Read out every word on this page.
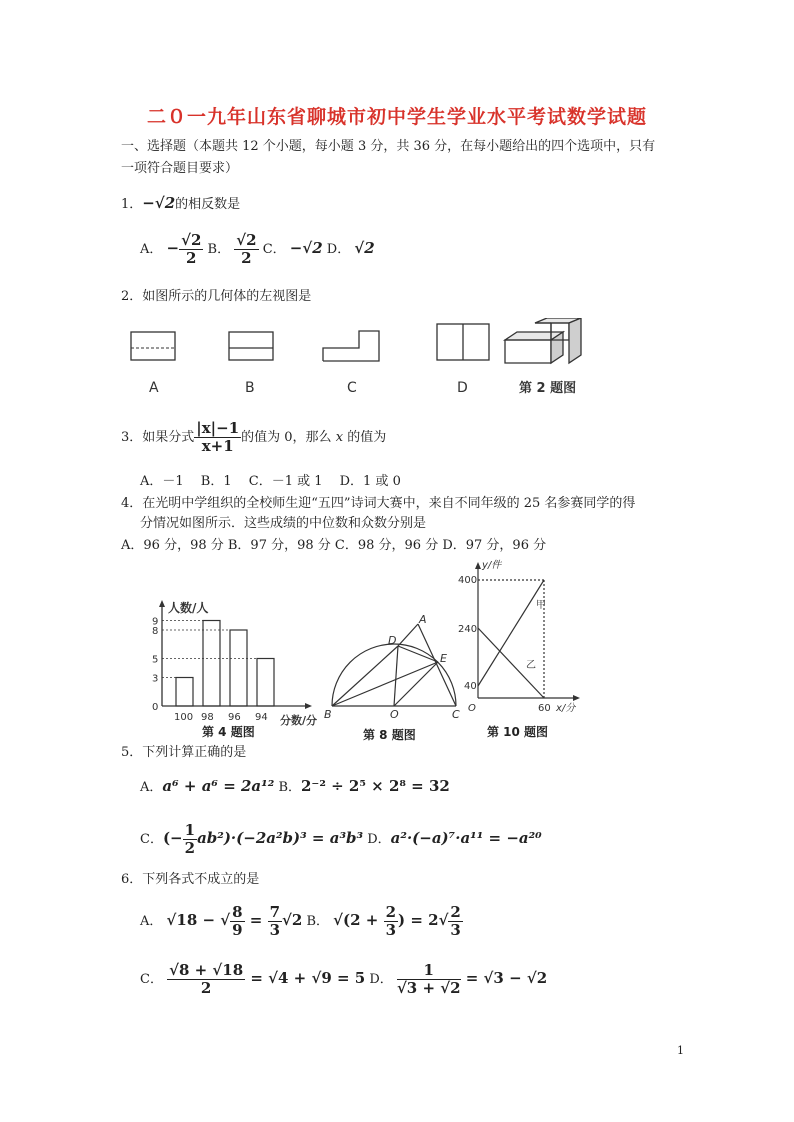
二０一九年山东省聊城市初中学生学业水平考试数学试题
一、选择题（本题共 12 个小题，每小题 3 分，共 36 分，在每小题给出的四个选项中，只有
一项符合题目要求）
1．−√2的相反数是
A． − $\frac{√2}{2}$ B． $\frac{√2}{2}$ C． −√2 D． √2
2．如图所示的几何体的左视图是
A	B	C	D	第 2 题图
3．如果分式 $\frac{|x|-1}{x+1}$ 的值为 0，那么 x 的值为
A．－1　 B．1　 C．－1 或 1　 D．1 或 0
4．在光明中学组织的全校师生迎“五四”诗词大赛中，来自不同年级的 25 名参赛同学的得
分情况如图所示．这些成绩的中位数和众数分别是
A．96 分，98 分 B．97 分，98 分 C．98 分，96 分 D．97 分，96 分
人数/人
分数/分
0
3
5
8
9
100 98 96 94
第 4 题图
A
D
E
B	O	C
第 8 题图
y/件
400
240
40
O	60 x/分
甲
乙
第 10 题图
5．下列计算正确的是
A．a⁶ + a⁶ = 2a¹² B．2⁻² ÷ 2⁵ × 2⁸ = 32
C．(− $\frac{1}{2} ab^2)\cdot(-2a^2b)^3 = a^3b^3$ D．a²·(−a)⁷·a¹¹ = −a²⁰
6．下列各式不成立的是
A． √18 − √ $\frac{8}{9} = \frac{7}{3} √2$ B． $√(2 + \frac{2}{3}$ ) = $2√ \frac{2}{3}$
C． $\frac{√8 + √18}{2} = √4 + √9 = 5$ D． $\frac{1}{√3 + √2} = √3 - √2$
1
